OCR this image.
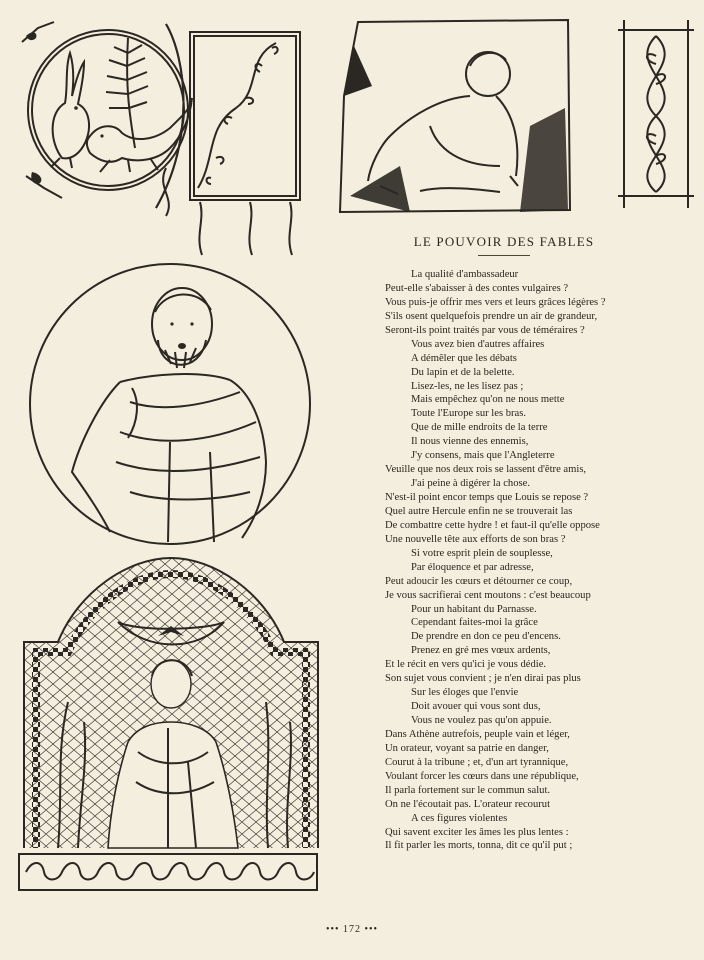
LE POUVOIR DES FABLES
La qualité d'ambassadeur
Peut-elle s'abaisser à des contes vulgaires ?
Vous puis-je offrir mes vers et leurs grâces légères ?
S'ils osent quelquefois prendre un air de grandeur,
Seront-ils point traités par vous de téméraires ?
Vous avez bien d'autres affaires
A démêler que les débats
Du lapin et de la belette.
Lisez-les, ne les lisez pas ;
Mais empêchez qu'on ne nous mette
Toute l'Europe sur les bras.
Que de mille endroits de la terre
Il nous vienne des ennemis,
J'y consens, mais que l'Angleterre
Veuille que nos deux rois se lassent d'être amis,
J'ai peine à digérer la chose.
N'est-il point encor temps que Louis se repose ?
Quel autre Hercule enfin ne se trouverait las
De combattre cette hydre ! et faut-il qu'elle oppose
Une nouvelle tête aux efforts de son bras ?
Si votre esprit plein de souplesse,
Par éloquence et par adresse,
Peut adoucir les cœurs et détourner ce coup,
Je vous sacrifierai cent moutons : c'est beaucoup
Pour un habitant du Parnasse.
Cependant faites-moi la grâce
De prendre en don ce peu d'encens.
Prenez en gré mes vœux ardents,
Et le récit en vers qu'ici je vous dédie.
Son sujet vous convient ; je n'en dirai pas plus
Sur les éloges que l'envie
Doit avouer qui vous sont dus,
Vous ne voulez pas qu'on appuie.
Dans Athène autrefois, peuple vain et léger,
Un orateur, voyant sa patrie en danger,
Courut à la tribune ; et, d'un art tyrannique,
Voulant forcer les cœurs dans une république,
Il parla fortement sur le commun salut.
On ne l'écoutait pas. L'orateur recourut
A ces figures violentes
Qui savent exciter les âmes les plus lentes :
Il fit parler les morts, tonna, dit ce qu'il put ;
••• 172 •••
